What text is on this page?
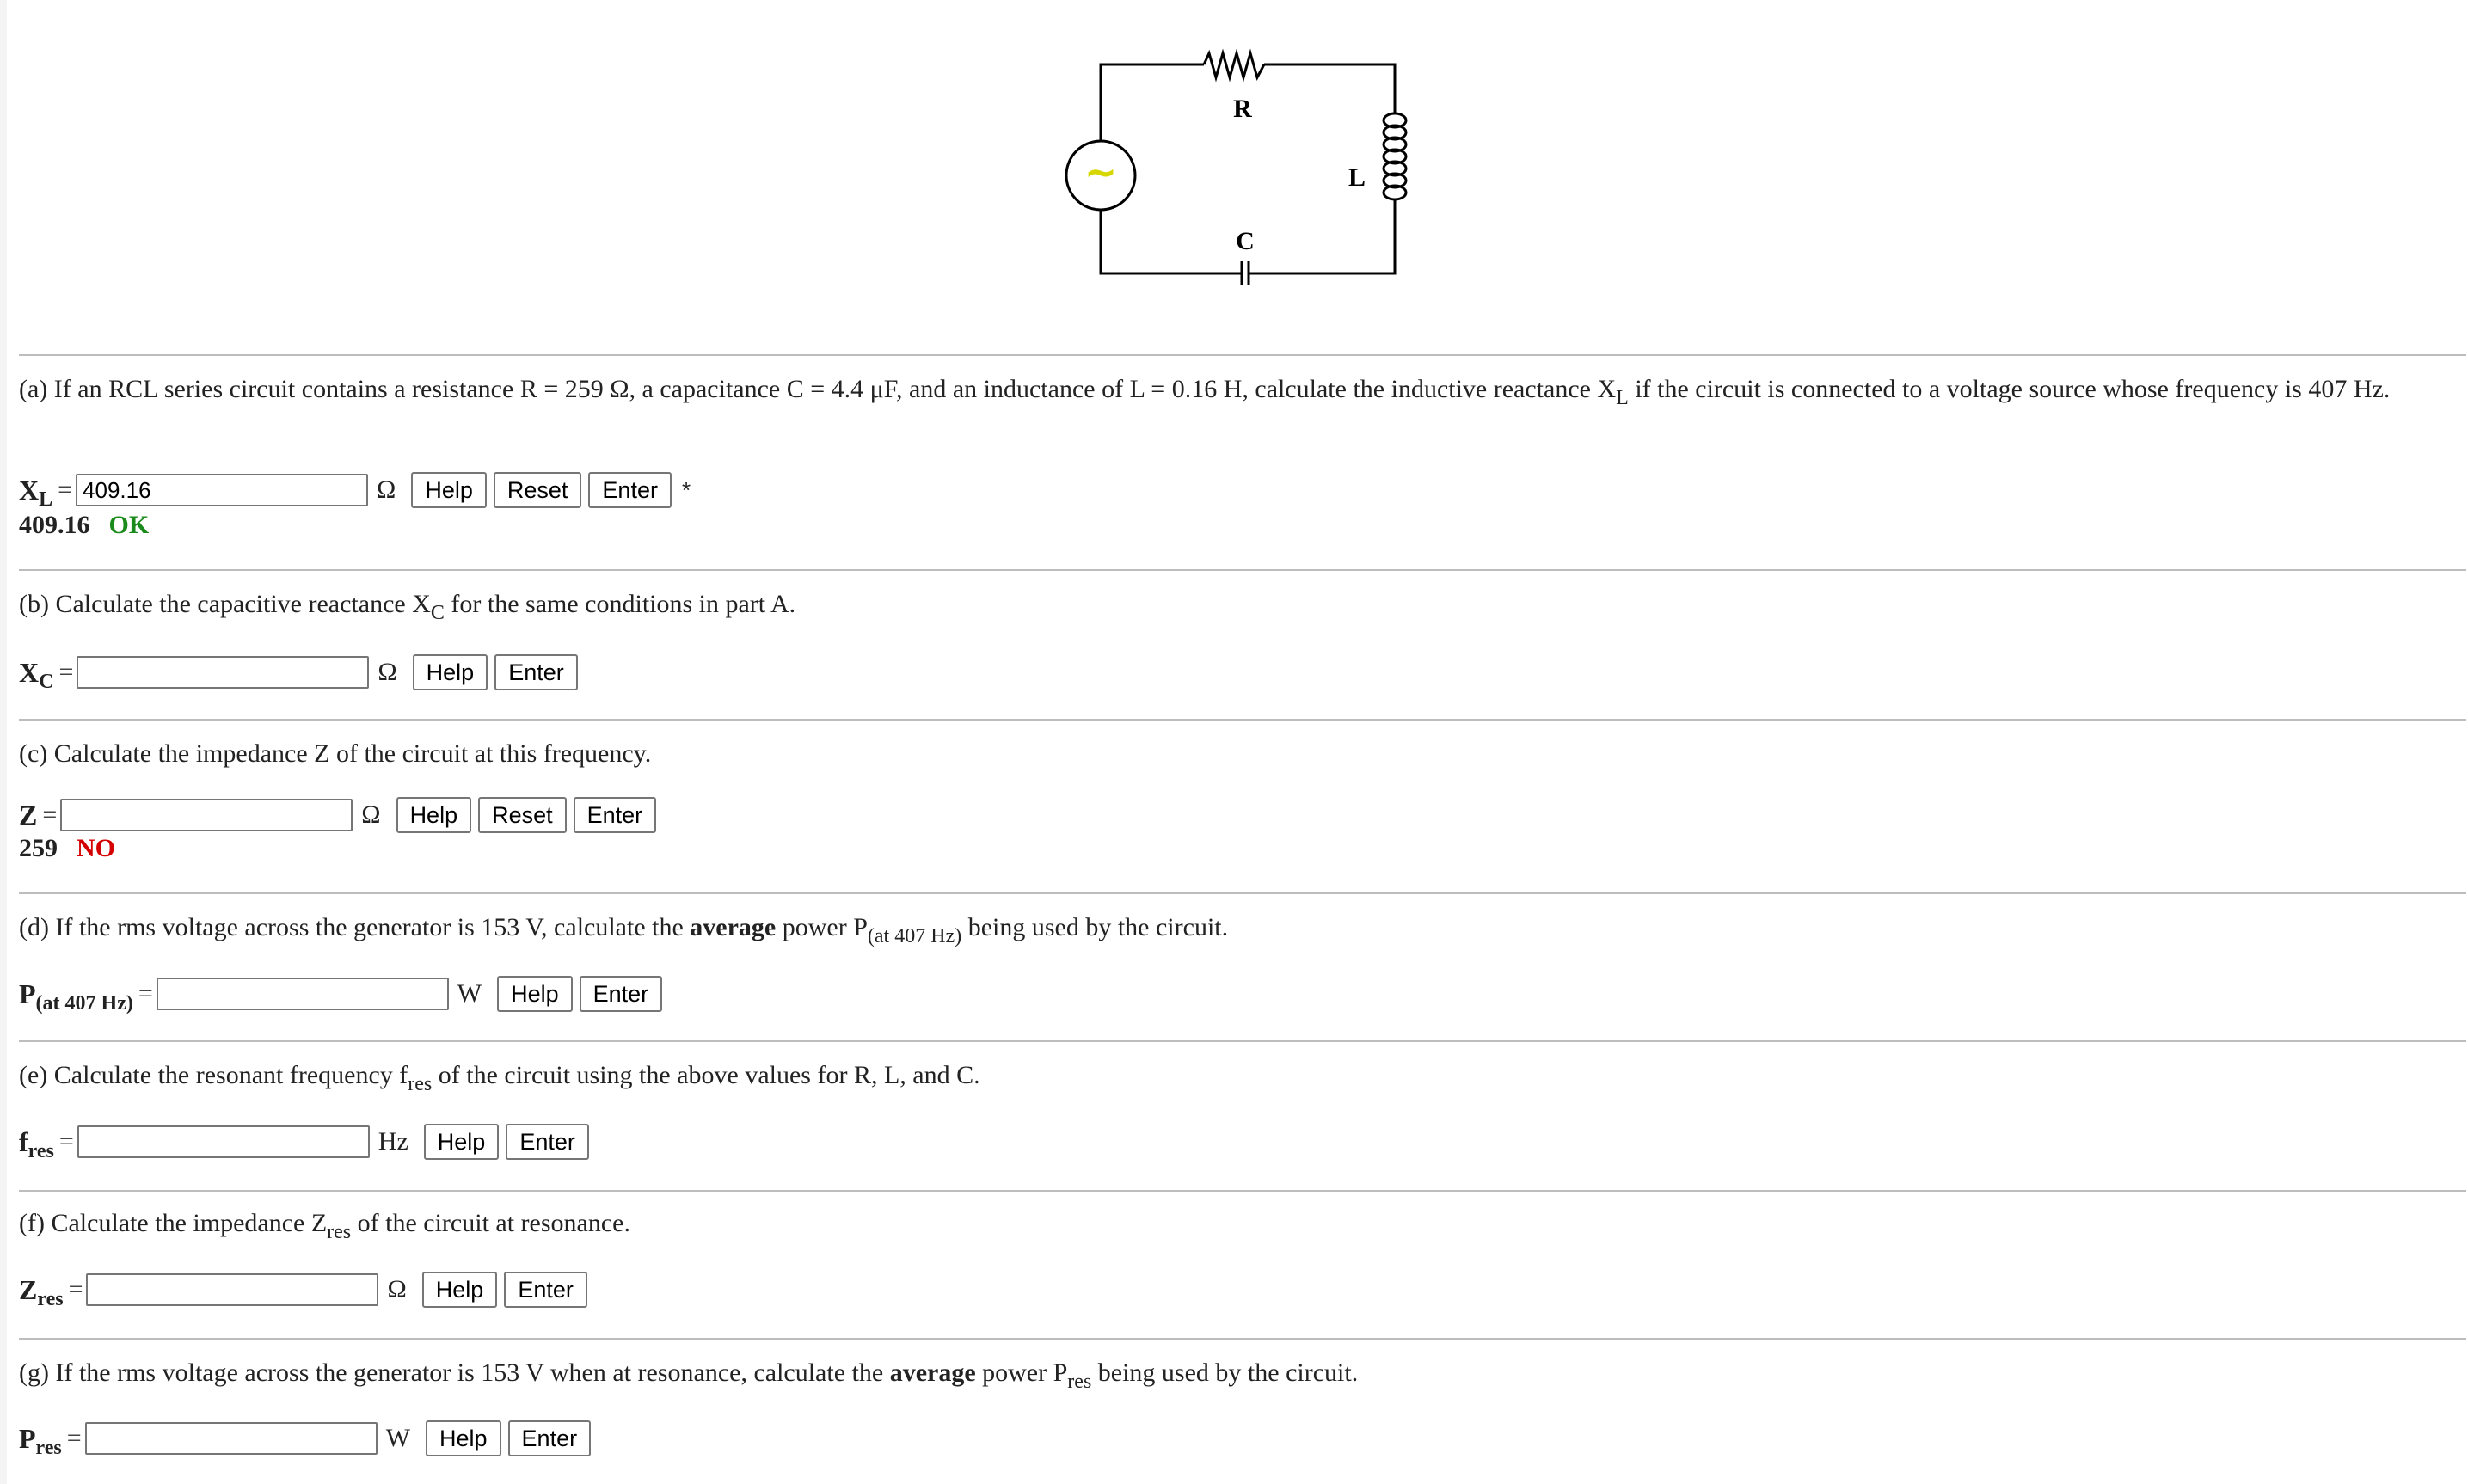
~
R
L
C
(a) If an RCL series circuit contains a resistance R = 259 Ω, a capacitance C = 4.4 μF, and an inductance of L = 0.16 H, calculate the inductive reactance $X_L$ if the circuit is connected to a voltage source whose frequency is 407 Hz.
$X_L$ =
409.16	Ω	Help	Reset	Enter	*
409.16 OK
(b) Calculate the capacitive reactance $X_C$ for the same conditions in part A.
$X_C$ =	Ω	Help	Enter
(c) Calculate the impedance Z of the circuit at this frequency.
Z =	Ω	Help	Reset	Enter
259 NO
(d) If the rms voltage across the generator is 153 V, calculate the average power $P_{(at 407 Hz)}$ being used by the circuit.
$P_{(at 407 Hz)}$ =	W	Help	Enter
(e) Calculate the resonant frequency $f_{res}$ of the circuit using the above values for R, L, and C.
$f_{res}$ =	Hz	Help	Enter
(f) Calculate the impedance $Z_{res}$ of the circuit at resonance.
$Z_{res}$ =	Ω	Help	Enter
(g) If the rms voltage across the generator is 153 V when at resonance, calculate the average power $P_{res}$ being used by the circuit.
$P_{res}$ =	W	Help	Enter
